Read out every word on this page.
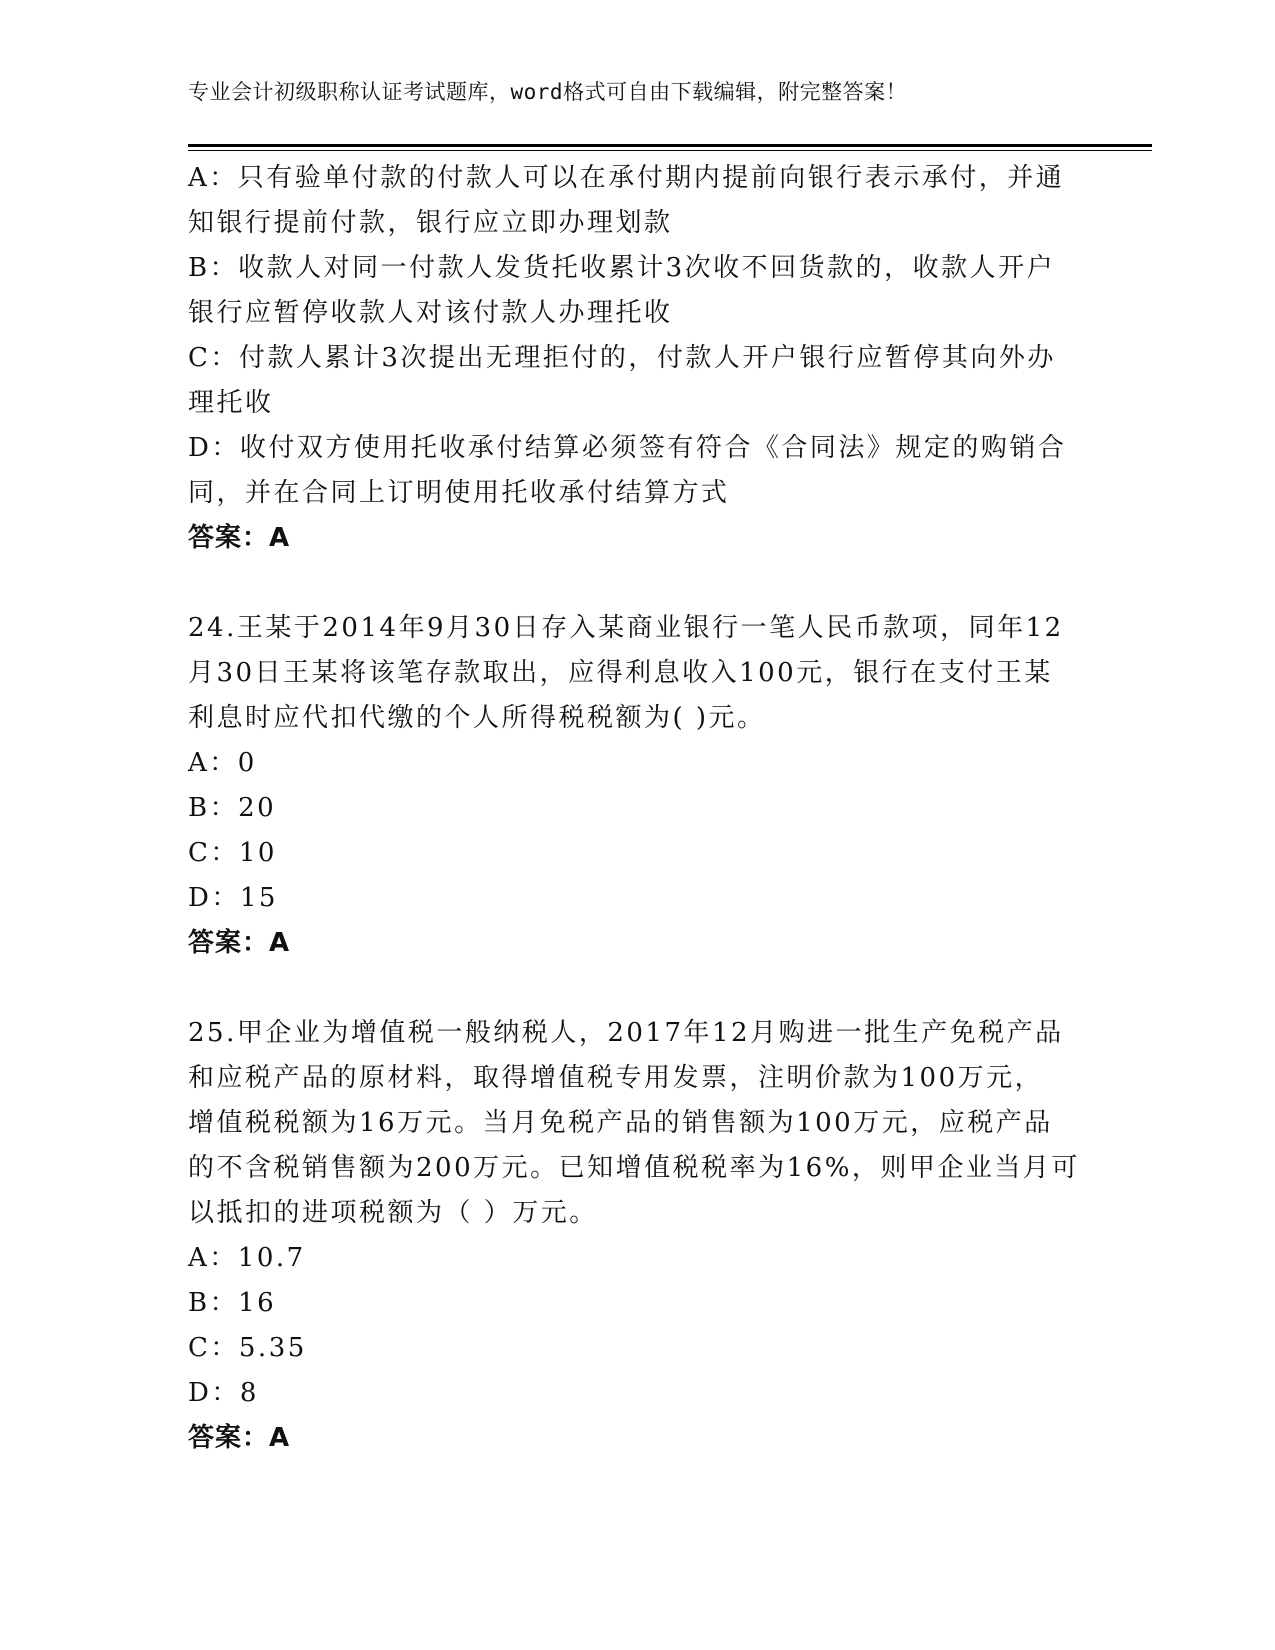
专业会计初级职称认证考试题库，word格式可自由下载编辑，附完整答案！
A：只有验单付款的付款人可以在承付期内提前向银行表示承付，并通
知银行提前付款，银行应立即办理划款
B：收款人对同一付款人发货托收累计3次收不回货款的，收款人开户
银行应暂停收款人对该付款人办理托收
C：付款人累计3次提出无理拒付的，付款人开户银行应暂停其向外办
理托收
D：收付双方使用托收承付结算必须签有符合《合同法》规定的购销合
同，并在合同上订明使用托收承付结算方式
答案：A
24.王某于2014年9月30日存入某商业银行一笔人民币款项，同年12
月30日王某将该笔存款取出，应得利息收入100元，银行在支付王某
利息时应代扣代缴的个人所得税税额为( )元。
A：0
B：20
C：10
D：15
答案：A
25.甲企业为增值税一般纳税人，2017年12月购进一批生产免税产品
和应税产品的原材料，取得增值税专用发票，注明价款为100万元，
增值税税额为16万元。当月免税产品的销售额为100万元，应税产品
的不含税销售额为200万元。已知增值税税率为16%，则甲企业当月可
以抵扣的进项税额为（ ）万元。
A：10.7
B：16
C：5.35
D：8
答案：A
